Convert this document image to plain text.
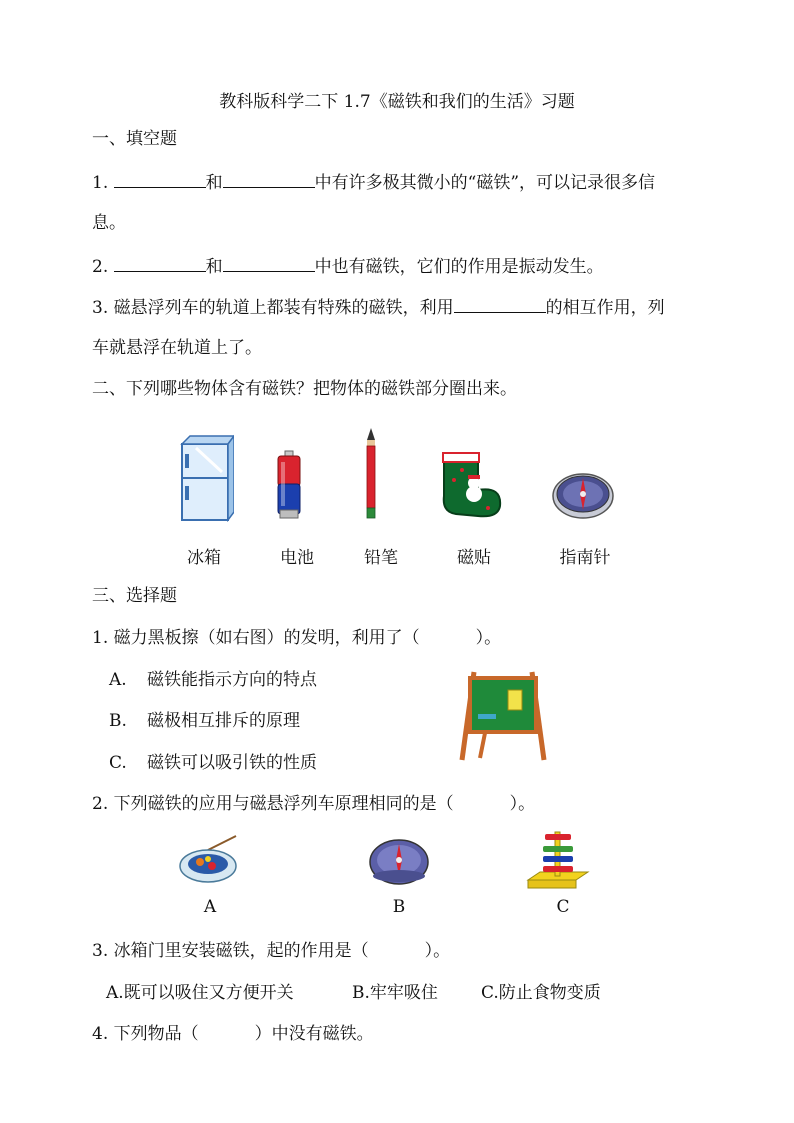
教科版科学二下 1.7《磁铁和我们的生活》习题
一、填空题
1.	和	中有许多极其微小的“磁铁”，可以记录很多信
息。
2.	和	中也有磁铁，它们的作用是振动发生。
3. 磁悬浮列车的轨道上都装有特殊的磁铁，利用	的相互作用，列
车就悬浮在轨道上了。
二、下列哪些物体含有磁铁？把物体的磁铁部分圈出来。
冰箱	电池	铅笔	磁贴	指南针
三、选择题
1. 磁力黑板擦（如右图）的发明，利用了（	）。
A. 磁铁能指示方向的特点
B. 磁极相互排斥的原理
C. 磁铁可以吸引铁的性质
2. 下列磁铁的应用与磁悬浮列车原理相同的是（	）。
A	B	C
3. 冰箱门里安装磁铁，起的作用是（	）。
A.既可以吸住又方便开关	B.牢牢吸住	C.防止食物变质
4. 下列物品（	）中没有磁铁。
